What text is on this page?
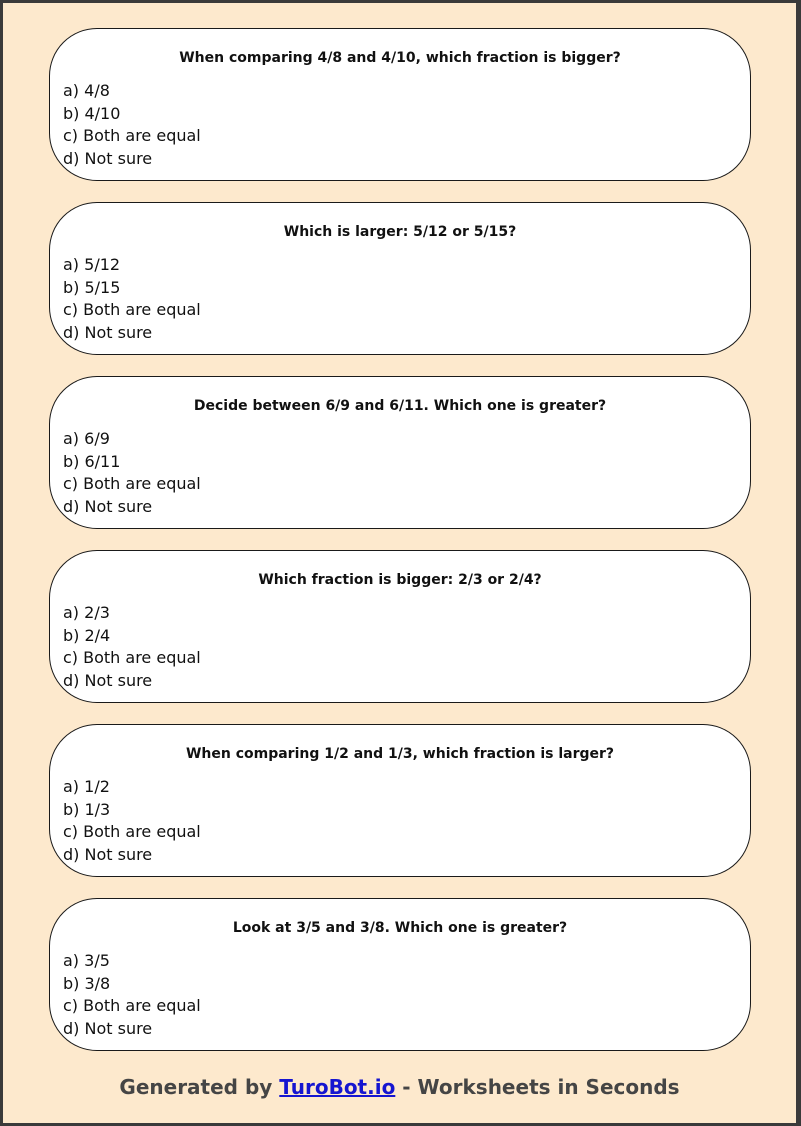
When comparing 4/8 and 4/10, which fraction is bigger?
a) 4/8
b) 4/10
c) Both are equal
d) Not sure
Which is larger: 5/12 or 5/15?
a) 5/12
b) 5/15
c) Both are equal
d) Not sure
Decide between 6/9 and 6/11. Which one is greater?
a) 6/9
b) 6/11
c) Both are equal
d) Not sure
Which fraction is bigger: 2/3 or 2/4?
a) 2/3
b) 2/4
c) Both are equal
d) Not sure
When comparing 1/2 and 1/3, which fraction is larger?
a) 1/2
b) 1/3
c) Both are equal
d) Not sure
Look at 3/5 and 3/8. Which one is greater?
a) 3/5
b) 3/8
c) Both are equal
d) Not sure
Generated by TuroBot.io - Worksheets in Seconds
